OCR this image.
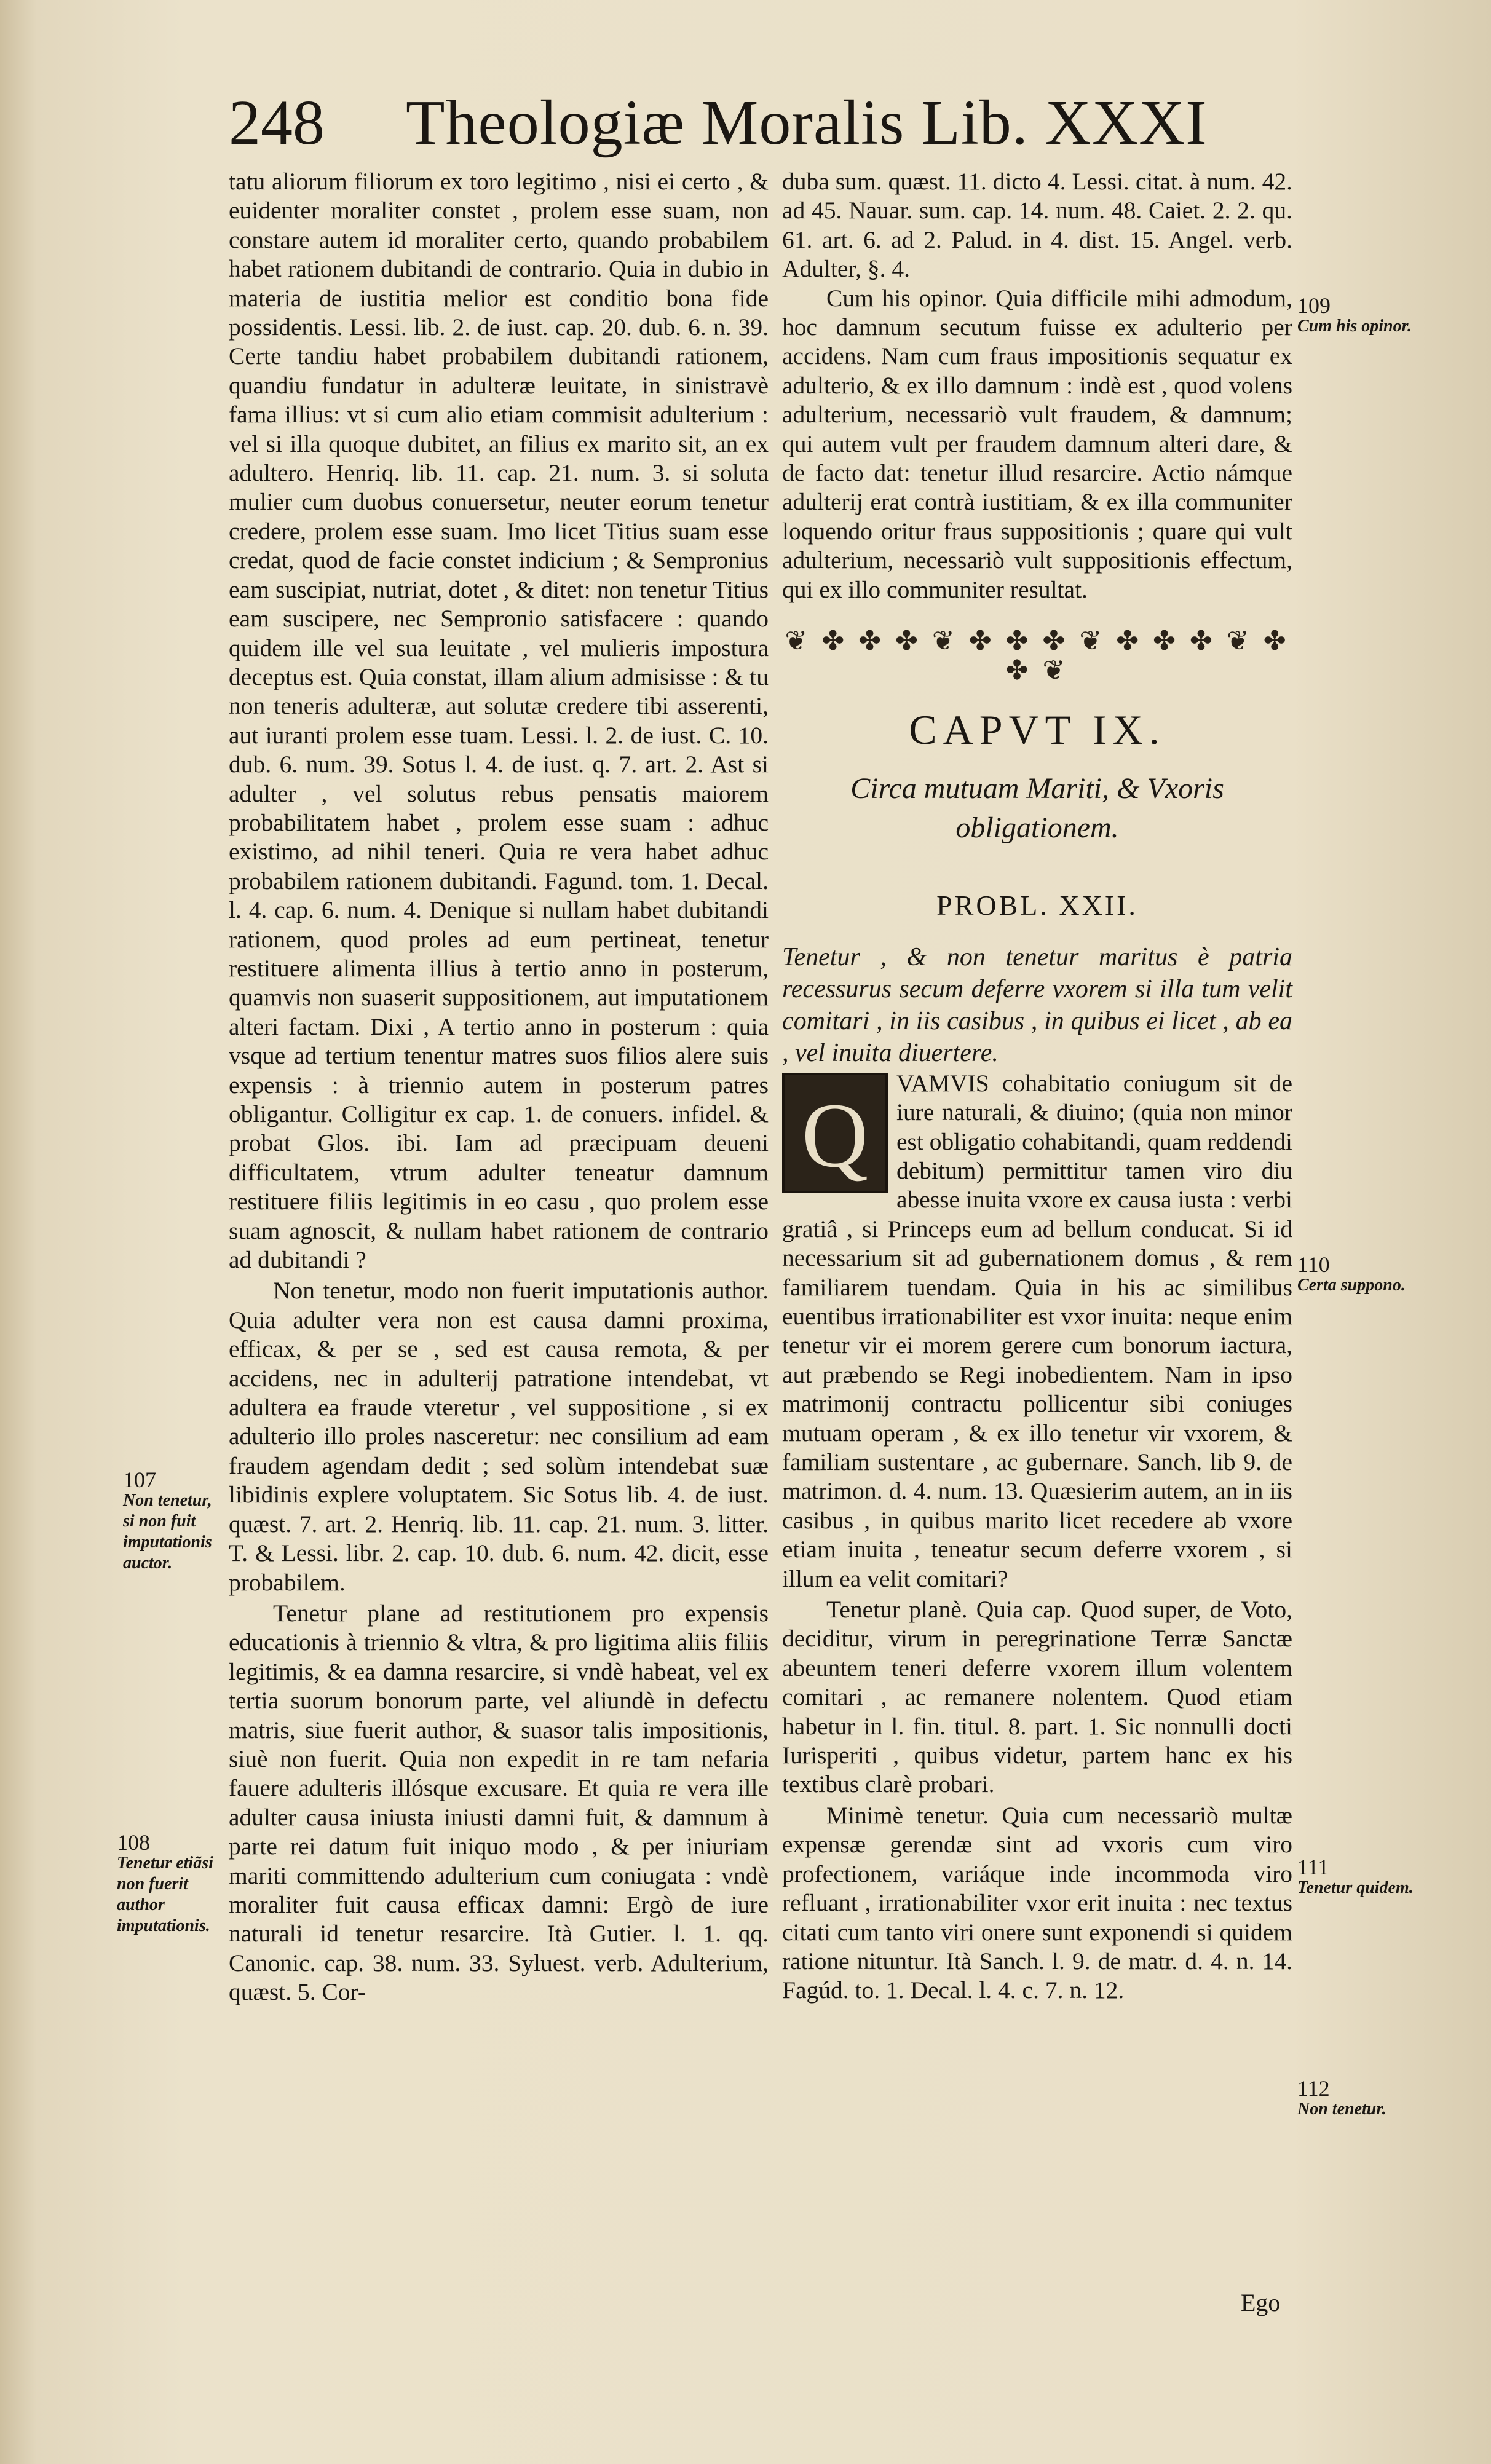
248 Theologiæ Moralis Lib. XXXI

tatu aliorum filiorum ex toro legitimo , nisi ei certo , & euidenter moraliter constet , prolem esse suam, non constare autem id moraliter certo, quando probabilem habet rationem dubitandi de contrario. Quia in dubio in materia de iustitia melior est conditio bona fide possidentis. Lessi. lib. 2. de iust. cap. 20. dub. 6. n. 39. Certe tandiu habet probabilem dubitandi rationem, quandiu fundatur in adulteræ leuitate, in sinistravè fama illius: vt si cum alio etiam commisit adulterium : vel si illa quoque dubitet, an filius ex marito sit, an ex adultero. Henriq. lib. 11. cap. 21. num. 3. si soluta mulier cum duobus conuersetur, neuter eorum tenetur credere, prolem esse suam. Imo licet Titius suam esse credat, quod de facie constet indicium ; & Sempronius eam suscipiat, nutriat, dotet , & ditet: non tenetur Titius eam suscipere, nec Sempronio satisfacere : quando quidem ille vel sua leuitate , vel mulieris impostura deceptus est. Quia constat, illam alium admisisse : & tu non teneris adulteræ, aut solutæ credere tibi asserenti, aut iuranti prolem esse tuam. Lessi. l. 2. de iust. C. 10. dub. 6. num. 39. Sotus l. 4. de iust. q. 7. art. 2. Ast si adulter , vel solutus rebus pensatis maiorem probabilitatem habet , prolem esse suam : adhuc existimo, ad nihil teneri. Quia re vera habet adhuc probabilem rationem dubitandi. Fagund. tom. 1. Decal. l. 4. cap. 6. num. 4. Denique si nullam habet dubitandi rationem, quod proles ad eum pertineat, tenetur restituere alimenta illius à tertio anno in posterum, quamvis non suaserit suppositionem, aut imputationem alteri factam. Dixi , A tertio anno in posterum : quia vsque ad tertium tenentur matres suos filios alere suis expensis : à triennio autem in posterum patres obligantur. Colligitur ex cap. 1. de conuers. infidel. & probat Glos. ibi. Iam ad præcipuam deueni difficultatem, vtrum adulter teneatur damnum restituere filiis legitimis in eo casu , quo prolem esse suam agnoscit, & nullam habet rationem de contrario ad dubitandi ?

Non tenetur, modo non fuerit imputationis author. Quia adulter vera non est causa damni proxima, efficax, & per se , sed est causa remota, & per accidens, nec in adulterij patratione intendebat, vt adultera ea fraude vteretur , vel suppositione , si ex adulterio illo proles nasceretur: nec consilium ad eam fraudem agendam dedit ; sed solùm intendebat suæ libidinis explere voluptatem. Sic Sotus lib. 4. de iust. quæst. 7. art. 2. Henriq. lib. 11. cap. 21. num. 3. litter. T. & Lessi. libr. 2. cap. 10. dub. 6. num. 42. dicit, esse probabilem.

Tenetur plane ad restitutionem pro expensis educationis à triennio & vltra, & pro ligitima aliis filiis legitimis, & ea damna resarcire, si vndè habeat, vel ex tertia suorum bonorum parte, vel aliundè in defectu matris, siue fuerit author, & suasor talis impositionis, siuè non fuerit. Quia non expedit in re tam nefaria fauere adulteris illósque excusare. Et quia re vera ille adulter causa iniusta iniusti damni fuit, & damnum à parte rei datum fuit iniquo modo , & per iniuriam mariti committendo adulterium cum coniugata : vndè moraliter fuit causa efficax damni: Ergò de iure naturali id tenetur resarcire. Ità Gutier. l. 1. qq. Canonic. cap. 38. num. 33. Syluest. verb. Adulterium, quæst. 5. Cor-

duba sum. quæst. 11. dicto 4. Lessi. citat. à num. 42. ad 45. Nauar. sum. cap. 14. num. 48. Caiet. 2. 2. qu. 61. art. 6. ad 2. Palud. in 4. dist. 15. Angel. verb. Adulter, §. 4.

Cum his opinor. Quia difficile mihi admodum, hoc damnum secutum fuisse ex adulterio per accidens. Nam cum fraus impositionis sequatur ex adulterio, & ex illo damnum : indè est , quod volens adulterium, necessariò vult fraudem, & damnum; qui autem vult per fraudem damnum alteri dare, & de facto dat: tenetur illud resarcire. Actio námque adulterij erat contrà iustitiam, & ex illa communiter loquendo oritur fraus suppositionis ; quare qui vult adulterium, necessariò vult suppositionis effectum, qui ex illo communiter resultat.

❦ ✤ ✤ ✤ ❦ ✤ ✤ ✤ ❦ ✤ ✤ ✤ ❦ ✤ ✤ ❦
CAPVT IX.
Circa mutuam Mariti, & Vxoris obligationem.
PROBL. XXII.

Tenetur , & non tenetur maritus è patria recessurus secum deferre vxorem si illa tum velit comitari , in iis casibus , in quibus ei licet , ab ea , vel inuita diuertere.

Q

VAMVIS cohabitatio coniugum sit de iure naturali, & diuino; (quia non minor est obligatio cohabitandi, quam reddendi debitum) permittitur tamen viro diu abesse inuita vxore ex causa iusta : verbi gratiâ , si Princeps eum ad bellum conducat. Si id necessarium sit ad gubernationem domus , & rem familiarem tuendam. Quia in his ac similibus euentibus irrationabiliter est vxor inuita: neque enim tenetur vir ei morem gerere cum bonorum iactura, aut præbendo se Regi inobedientem. Nam in ipso matrimonij contractu pollicentur sibi coniuges mutuam operam , & ex illo tenetur vir vxorem, & familiam sustentare , ac gubernare. Sanch. lib 9. de matrimon. d. 4. num. 13. Quæsierim autem, an in iis casibus , in quibus marito licet recedere ab vxore etiam inuita , teneatur secum deferre vxorem , si illum ea velit comitari?

Tenetur planè. Quia cap. Quod super, de Voto, deciditur, virum in peregrinatione Terræ Sanctæ abeuntem teneri deferre vxorem illum volentem comitari , ac remanere nolentem. Quod etiam habetur in l. fin. titul. 8. part. 1. Sic nonnulli docti Iurisperiti , quibus videtur, partem hanc ex his textibus clarè probari.

Minimè tenetur. Quia cum necessariò multæ expensæ gerendæ sint ad vxoris cum viro profectionem, variáque inde incommoda viro refluant , irrationabiliter vxor erit inuita : nec textus citati cum tanto viri onere sunt exponendi si quidem ratione nituntur. Ità Sanch. l. 9. de matr. d. 4. n. 14. Fagúd. to. 1. Decal. l. 4. c. 7. n. 12.

Ego
107
Non tenetur, si non fuit imputationis auctor.
108
Tenetur etiãsi non fuerit author imputationis.
109
Cum his opinor.
110
Certa suppono.
111
Tenetur quidem.
112
Non tenetur.
